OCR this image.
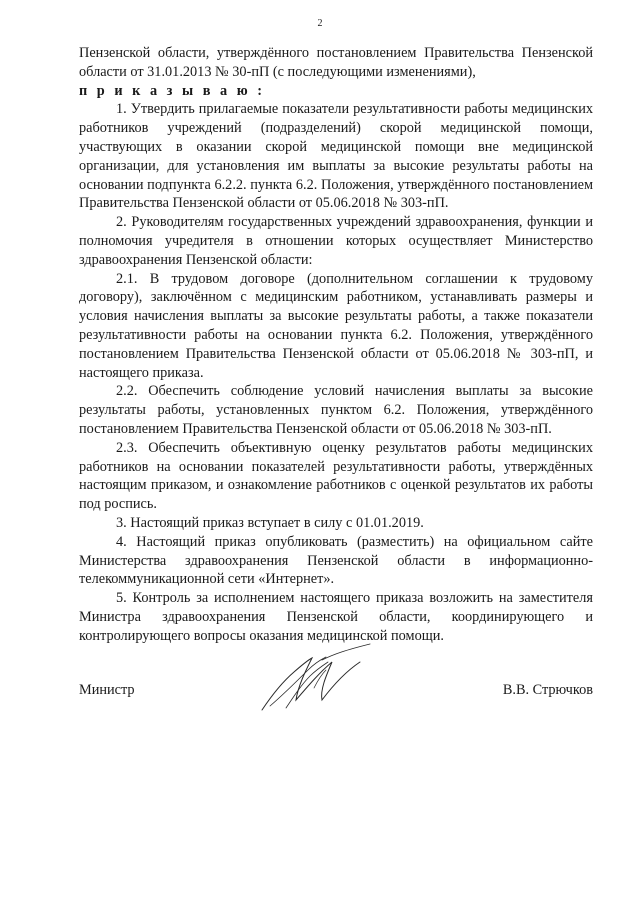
2

Пензенской области, утверждённого постановлением Правительства Пензенской области от 31.01.2013 № 30-пП (с последующими изменениями),

п р и к а з ы в а ю :

1. Утвердить прилагаемые показатели результативности работы медицинских работников учреждений (подразделений) скорой медицинской помощи, участвующих в оказании скорой медицинской помощи вне медицинской организации, для установления им выплаты за высокие результаты работы на основании подпункта 6.2.2. пункта 6.2. Положения, утверждённого постановлением Правительства Пензенской области от 05.06.2018 № 303-пП.

2. Руководителям государственных учреждений здравоохранения, функции и полномочия учредителя в отношении которых осуществляет Министерство здравоохранения Пензенской области:

2.1. В трудовом договоре (дополнительном соглашении к трудовому договору), заключённом с медицинским работником, устанавливать размеры и условия начисления выплаты за высокие результаты работы, а также показатели результативности работы на основании пункта 6.2. Положения, утверждённого постановлением Правительства Пензенской области от 05.06.2018 № 303-пП, и настоящего приказа.

2.2. Обеспечить соблюдение условий начисления выплаты за высокие результаты работы, установленных пунктом 6.2. Положения, утверждённого постановлением Правительства Пензенской области от 05.06.2018 № 303-пП.

2.3. Обеспечить объективную оценку результатов работы медицинских работников на основании показателей результативности работы, утверждённых настоящим приказом, и ознакомление работников с оценкой результатов их работы под роспись.

3. Настоящий приказ вступает в силу с 01.01.2019.

4. Настоящий приказ опубликовать (разместить) на официальном сайте Министерства здравоохранения Пензенской области в информационно-телекоммуникационной сети «Интернет».

5. Контроль за исполнением настоящего приказа возложить на заместителя Министра здравоохранения Пензенской области, координирующего и контролирующего вопросы оказания медицинской помощи.

Министр	В.В. Стрючков
